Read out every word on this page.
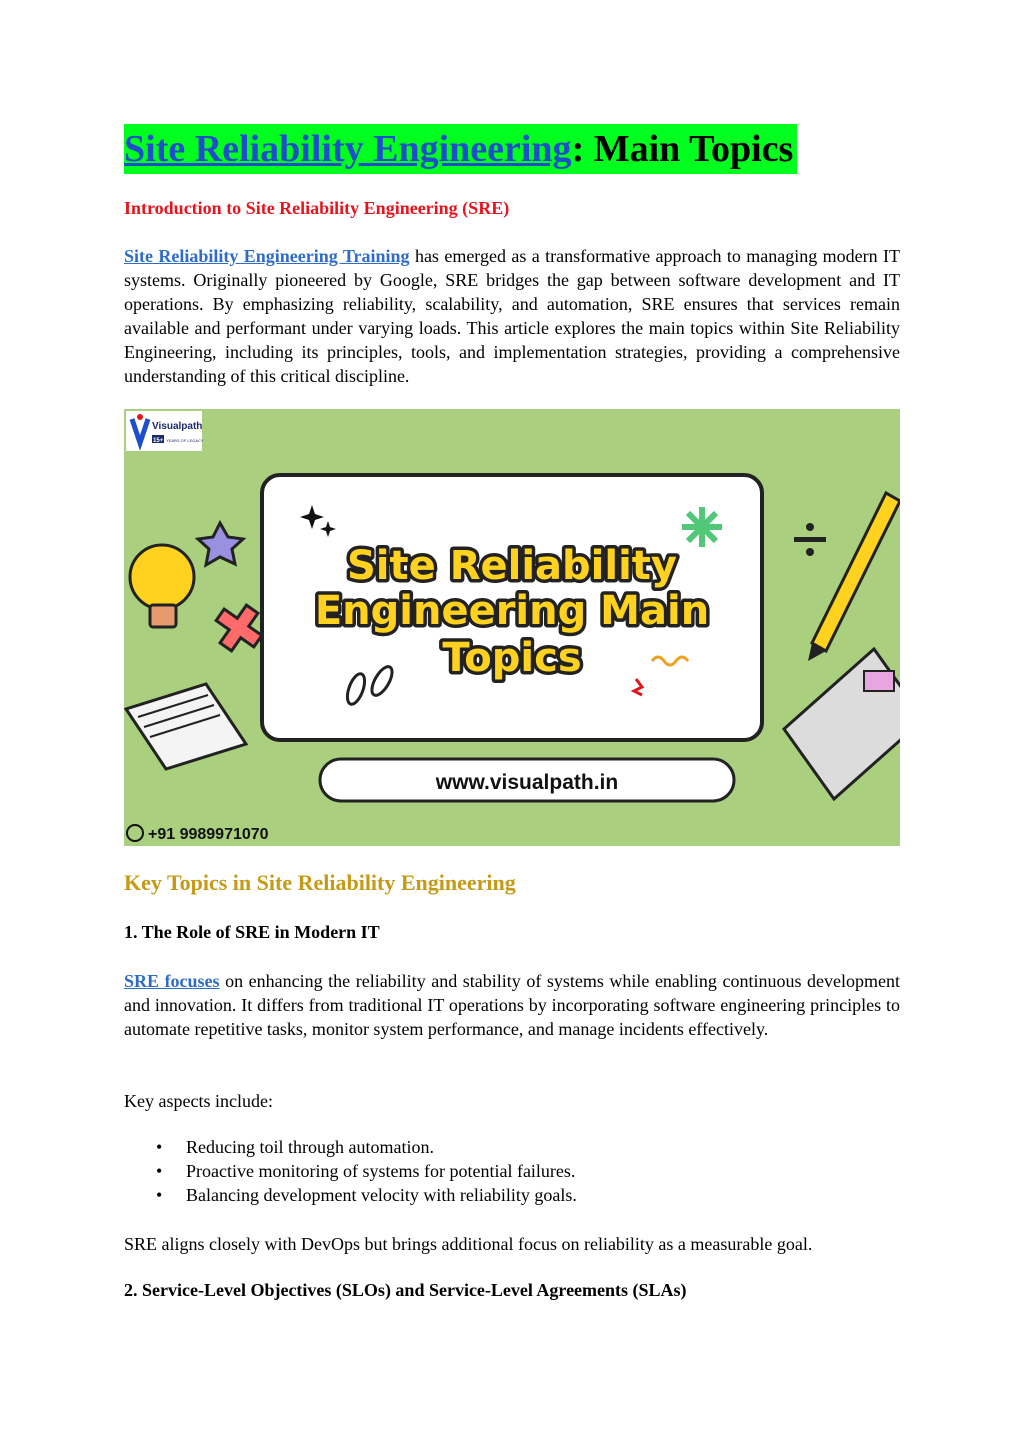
Site Reliability Engineering: Main Topics
Introduction to Site Reliability Engineering (SRE)
Site Reliability Engineering Training has emerged as a transformative approach to managing modern IT systems. Originally pioneered by Google, SRE bridges the gap between software development and IT operations. By emphasizing reliability, scalability, and automation, SRE ensures that services remain available and performant under varying loads. This article explores the main topics within Site Reliability Engineering, including its principles, tools, and implementation strategies, providing a comprehensive understanding of this critical discipline.
Visualpath
15+ YEARS OF LEGACY
www.visualpath.in
Site Reliability
Engineering Main
Topics
+91 9989971070
Key Topics in Site Reliability Engineering
1. The Role of SRE in Modern IT
SRE focuses on enhancing the reliability and stability of systems while enabling continuous development and innovation. It differs from traditional IT operations by incorporating software engineering principles to automate repetitive tasks, monitor system performance, and manage incidents effectively.
Key aspects include:
• Reducing toil through automation.
• Proactive monitoring of systems for potential failures.
• Balancing development velocity with reliability goals.
SRE aligns closely with DevOps but brings additional focus on reliability as a measurable goal.
2. Service-Level Objectives (SLOs) and Service-Level Agreements (SLAs)
